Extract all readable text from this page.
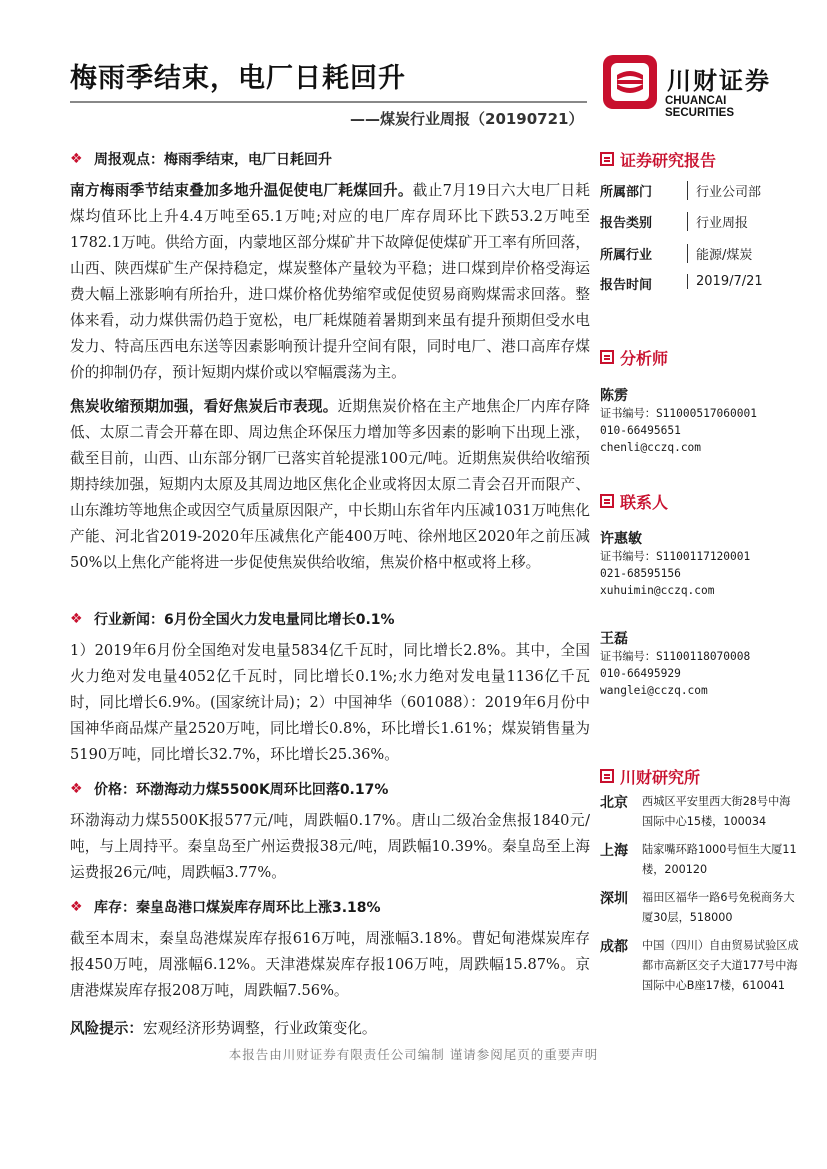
梅雨季结束，电厂日耗回升
——煤炭行业周报（20190721）
川财证券
CHUANCAI SECURITIES
❖ 周报观点：梅雨季结束，电厂日耗回升
南方梅雨季节结束叠加多地升温促使电厂耗煤回升。截止7月19日六大电厂日耗煤均值环比上升4.4万吨至65.1万吨;对应的电厂库存周环比下跌53.2万吨至1782.1万吨。供给方面，内蒙地区部分煤矿井下故障促使煤矿开工率有所回落，山西、陕西煤矿生产保持稳定，煤炭整体产量较为平稳；进口煤到岸价格受海运费大幅上涨影响有所抬升，进口煤价格优势缩窄或促使贸易商购煤需求回落。整体来看，动力煤供需仍趋于宽松，电厂耗煤随着暑期到来虽有提升预期但受水电发力、特高压西电东送等因素影响预计提升空间有限，同时电厂、港口高库存煤价的抑制仍存，预计短期内煤价或以窄幅震荡为主。
焦炭收缩预期加强，看好焦炭后市表现。近期焦炭价格在主产地焦企厂内库存降低、太原二青会开幕在即、周边焦企环保压力增加等多因素的影响下出现上涨，截至目前，山西、山东部分钢厂已落实首轮提涨100元/吨。近期焦炭供给收缩预期持续加强，短期内太原及其周边地区焦化企业或将因太原二青会召开而限产、山东潍坊等地焦企或因空气质量原因限产，中长期山东省年内压减1031万吨焦化产能、河北省2019-2020年压减焦化产能400万吨、徐州地区2020年之前压减50%以上焦化产能将进一步促使焦炭供给收缩，焦炭价格中枢或将上移。
❖ 行业新闻：6月份全国火力发电量同比增长0.1%
1）2019年6月份全国绝对发电量5834亿千瓦时，同比增长2.8%。其中，全国火力绝对发电量4052亿千瓦时，同比增长0.1%;水力绝对发电量1136亿千瓦时，同比增长6.9%。(国家统计局)；2）中国神华（601088）：2019年6月份中国神华商品煤产量2520万吨，同比增长0.8%，环比增长1.61%；煤炭销售量为5190万吨，同比增长32.7%，环比增长25.36%。
❖ 价格：环渤海动力煤5500K周环比回落0.17%
环渤海动力煤5500K报577元/吨，周跌幅0.17%。唐山二级冶金焦报1840元/吨，与上周持平。秦皇岛至广州运费报38元/吨，周跌幅10.39%。秦皇岛至上海运费报26元/吨，周跌幅3.77%。
❖ 库存：秦皇岛港口煤炭库存周环比上涨3.18%
截至本周末，秦皇岛港煤炭库存报616万吨，周涨幅3.18%。曹妃甸港煤炭库存报450万吨，周涨幅6.12%。天津港煤炭库存报106万吨，周跌幅15.87%。京唐港煤炭库存报208万吨，周跌幅7.56%。
风险提示：宏观经济形势调整，行业政策变化。
证券研究报告
所属部门	行业公司部
报告类别	行业周报
所属行业	能源/煤炭
报告时间	2019/7/21
分析师
陈雳
证书编号：S11000517060001
010-66495651
chenli@cczq.com
联系人
许惠敏
证书编号：S1100117120001
021-68595156
xuhuimin@cczq.com
王磊
证书编号：S1100118070008
010-66495929
wanglei@cczq.com
川财研究所
北京 西城区平安里西大街28号中海国际中心15楼，100034
上海 陆家嘴环路1000号恒生大厦11楼，200120
深圳 福田区福华一路6号免税商务大厦30层，518000
成都 中国（四川）自由贸易试验区成都市高新区交子大道177号中海国际中心B座17楼，610041
本报告由川财证券有限责任公司编制 谨请参阅尾页的重要声明
